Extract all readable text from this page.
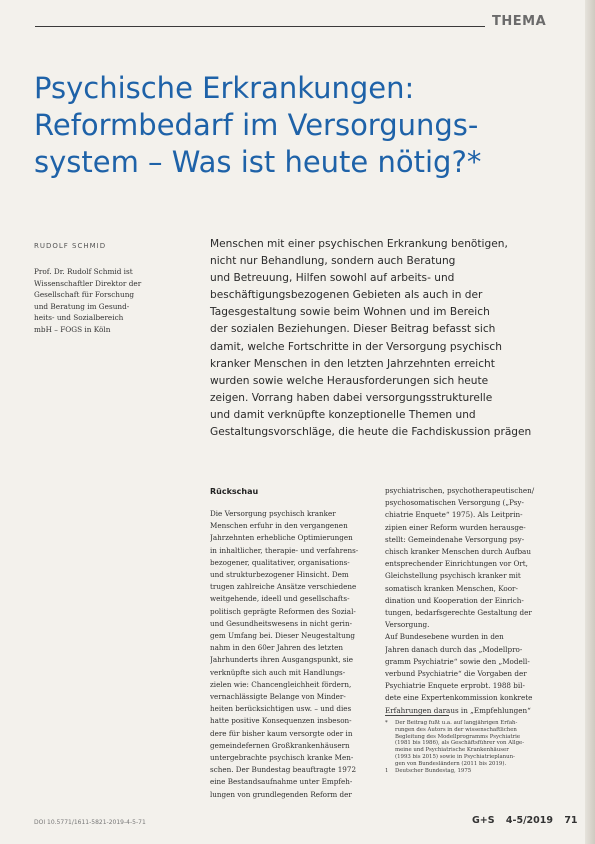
THEMA
Psychische Erkrankungen:
Reformbedarf im Versorgungs-
system – Was ist heute nötig?*
RUDOLF SCHMID
Prof. Dr. Rudolf Schmid ist
Wissenschaftler Direktor der
Gesellschaft für Forschung
und Beratung im Gesund-
heits- und Sozialbereich
mbH – FOGS in Köln
Menschen mit einer psychischen Erkrankung benötigen,
nicht nur Behandlung, sondern auch Beratung
und Betreuung, Hilfen sowohl auf arbeits- und
beschäftigungsbezogenen Gebieten als auch in der
Tagesgestaltung sowie beim Wohnen und im Bereich
der sozialen Beziehungen. Dieser Beitrag befasst sich
damit, welche Fortschritte in der Versorgung psychisch
kranker Menschen in den letzten Jahrzehnten erreicht
wurden sowie welche Herausforderungen sich heute
zeigen. Vorrang haben dabei versorgungsstrukturelle
und damit verknüpfte konzeptionelle Themen und
Gestaltungsvorschläge, die heute die Fachdiskussion prägen
Rückschau
Die Versorgung psychisch kranker
Menschen erfuhr in den vergangenen
Jahrzehnten erhebliche Optimierungen
in inhaltlicher, therapie- und verfahrens-
bezogener, qualitativer, organisations-
und strukturbezogener Hinsicht. Dem
trugen zahlreiche Ansätze verschiedene
weitgehende, ideell und gesellschafts-
politisch geprägte Reformen des Sozial-
und Gesundheitswesens in nicht gerin-
gem Umfang bei. Dieser Neugestaltung
nahm in den 60er Jahren des letzten
Jahrhunderts ihren Ausgangspunkt, sie
verknüpfte sich auch mit Handlungs-
zielen wie: Chancengleichheit fördern,
vernachlässigte Belange von Minder-
heiten berücksichtigen usw. – und dies
hatte positive Konsequenzen insbeson-
dere für bisher kaum versorgte oder in
gemeindefernen Großkrankenhäusern
untergebrachte psychisch kranke Men-
schen. Der Bundestag beauftragte 1972
eine Bestandsaufnahme unter Empfeh-
lungen von grundlegenden Reform der
psychiatrischen, psychotherapeutischen/
psychosomatischen Versorgung („Psy-
chiatrie Enquete“ 1975). Als Leitprin-
zipien einer Reform wurden herausge-
stellt: Gemeindenahe Versorgung psy-
chisch kranker Menschen durch Aufbau
entsprechender Einrichtungen vor Ort,
Gleichstellung psychisch kranker mit
somatisch kranken Menschen, Koor-
dination und Kooperation der Einrich-
tungen, bedarfsgerechte Gestaltung der
Versorgung.
Auf Bundesebene wurden in den
Jahren danach durch das „Modellpro-
gramm Psychiatrie“ sowie den „Modell-
verbund Psychiatrie“ die Vorgaben der
Psychiatrie Enquete erprobt. 1988 bil-
dete eine Expertenkommission konkrete
Erfahrungen daraus in „Empfehlungen“
* Der Beitrag fußt u.a. auf langjährigen Erfah-
rungen des Autors in der wissenschaftlichen
Begleitung des Modellprogramms Psychiatrie
(1981 bis 1986), als Geschäftsführer von Allge-
meine und Psychiatrische Krankenhäuser
(1993 bis 2015) sowie in Psychiatrieplanun-
gen von Bundesländern (2011 bis 2019).
1 Deutscher Bundestag, 1975
DOI 10.5771/1611-5821-2019-4-5-71	G+S 4-5/2019 71
